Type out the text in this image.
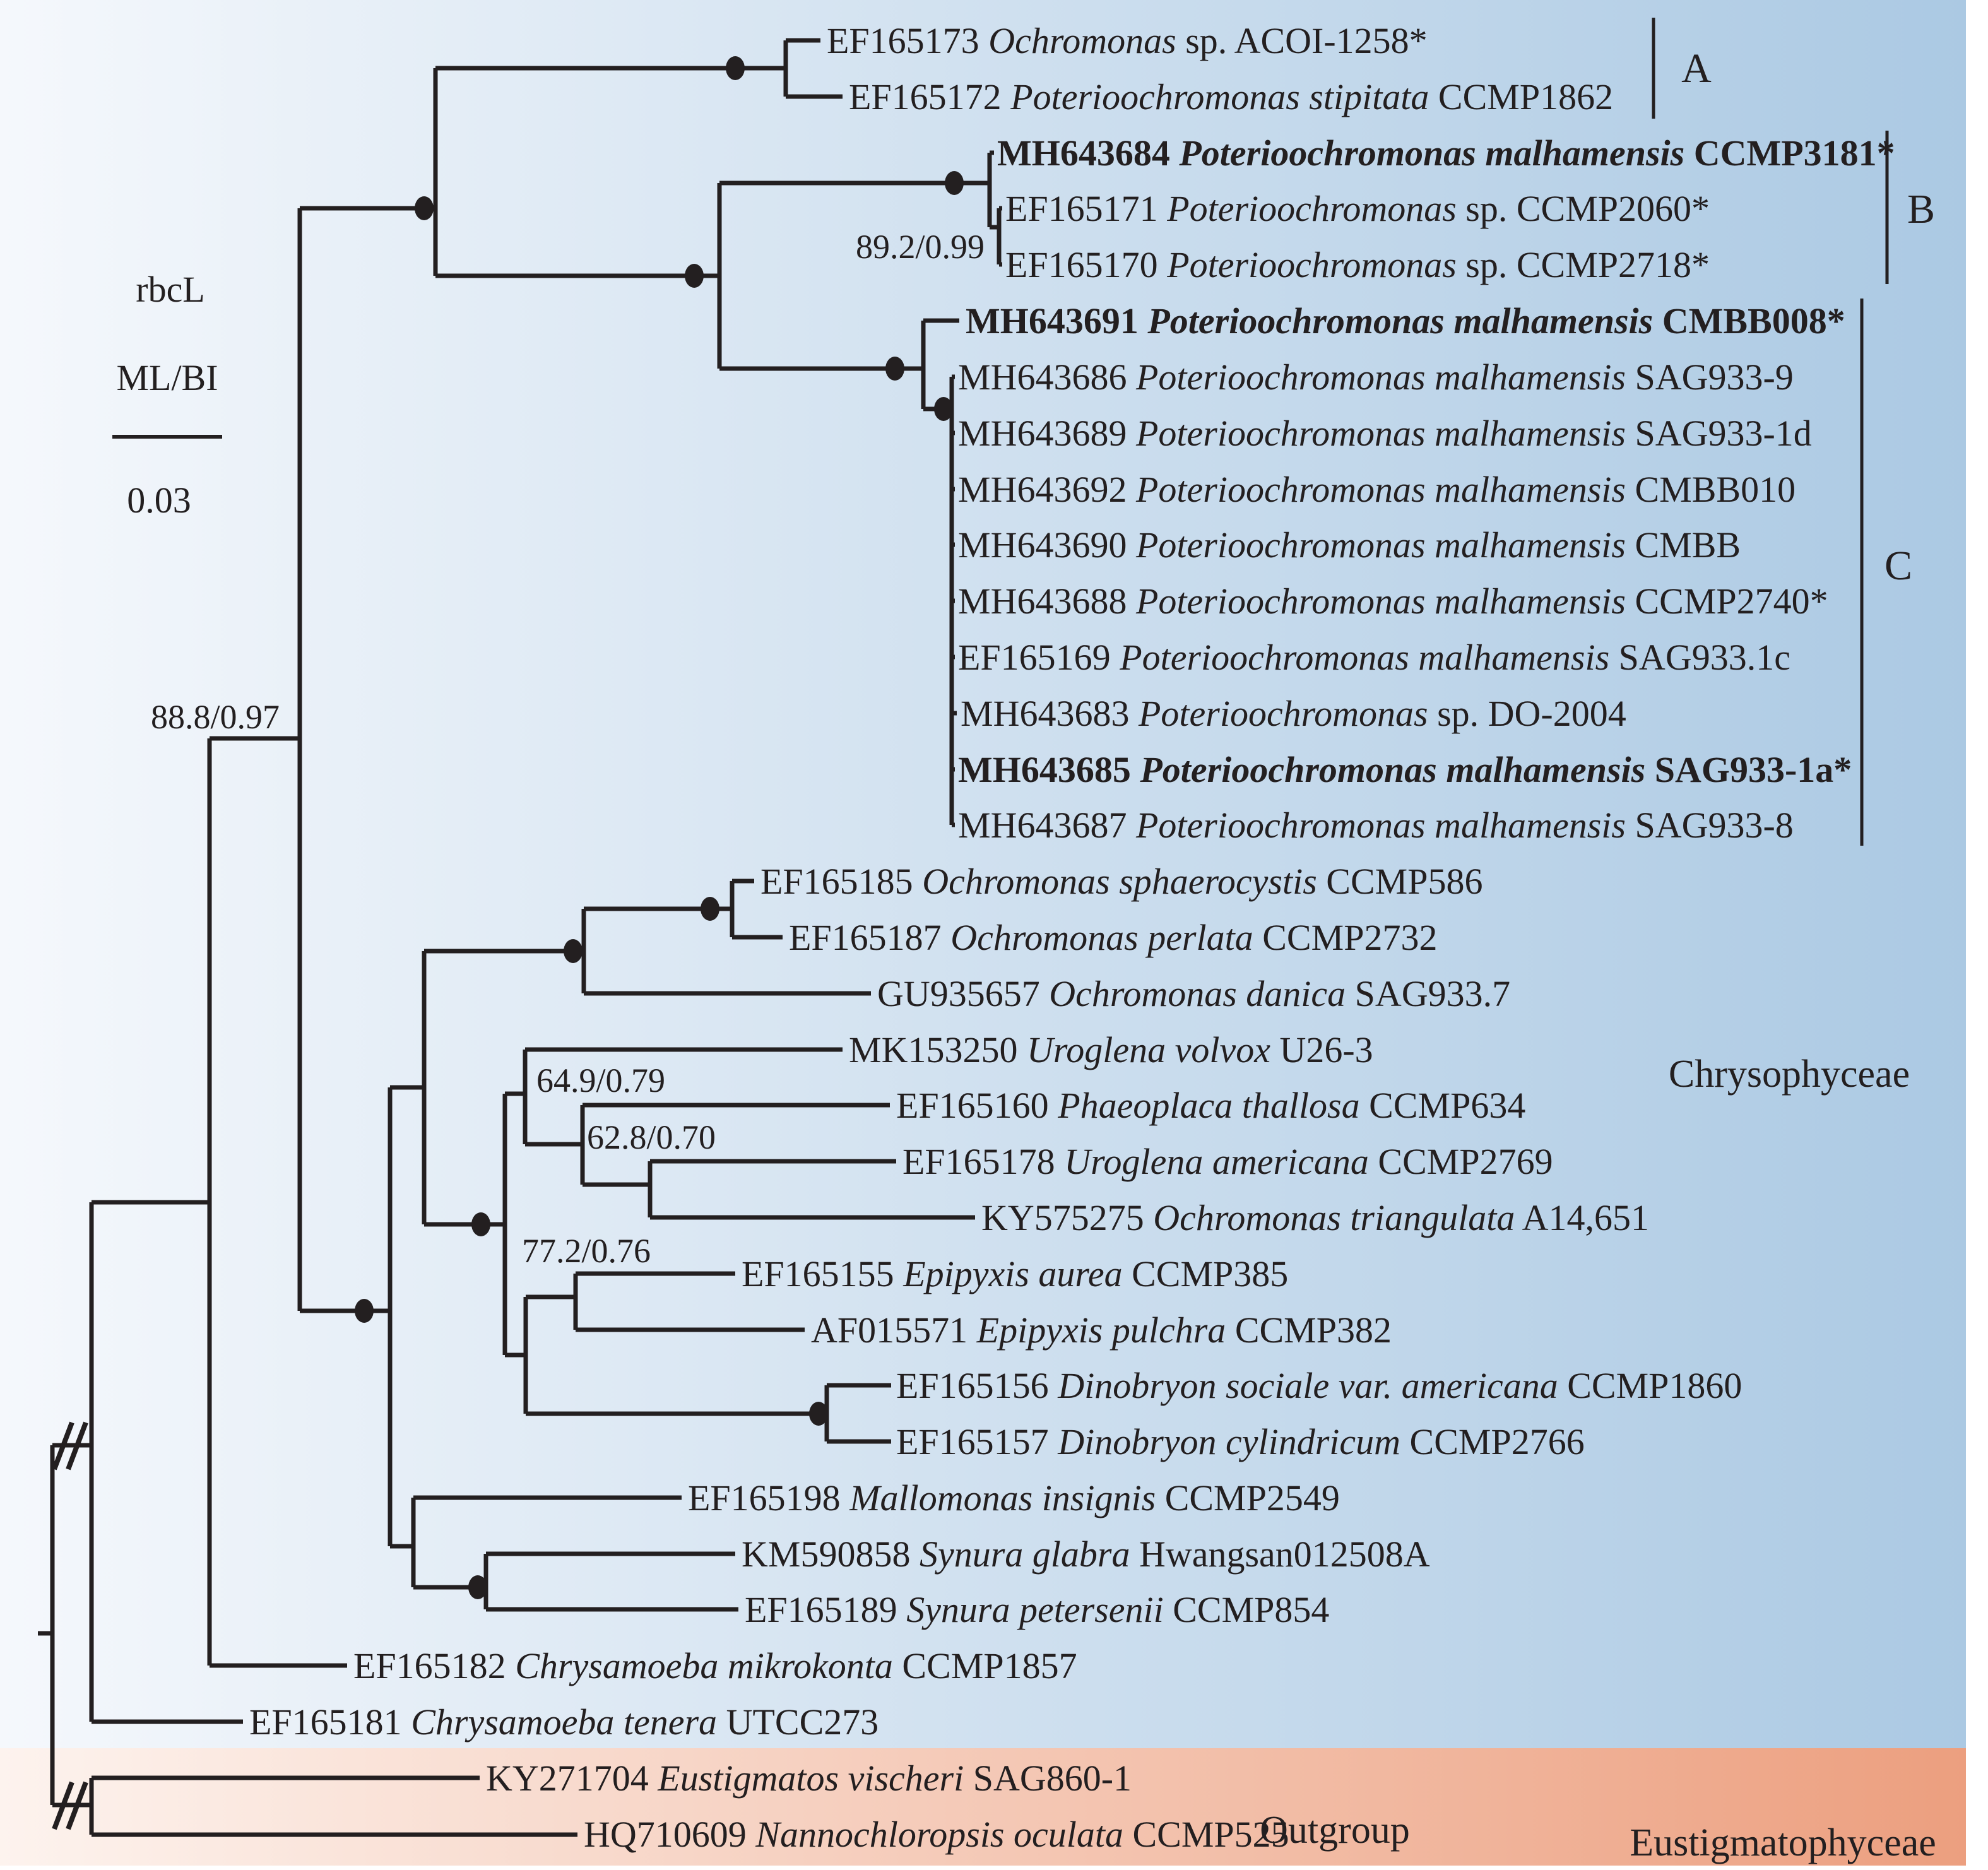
EF165173 Ochromonas sp. ACOI-1258*
EF165172 Poterioochromonas stipitata CCMP1862
MH643684 Poterioochromonas malhamensis CCMP3181*
EF165171 Poterioochromonas sp. CCMP2060*
EF165170 Poterioochromonas sp. CCMP2718*
MH643691 Poterioochromonas malhamensis CMBB008*
MH643686 Poterioochromonas malhamensis SAG933-9
MH643689 Poterioochromonas malhamensis SAG933-1d
MH643692 Poterioochromonas malhamensis CMBB010
MH643690 Poterioochromonas malhamensis CMBB
MH643688 Poterioochromonas malhamensis CCMP2740*
EF165169 Poterioochromonas malhamensis SAG933.1c
MH643683 Poterioochromonas sp. DO-2004
MH643685 Poterioochromonas malhamensis SAG933-1a*
MH643687 Poterioochromonas malhamensis SAG933-8
EF165185 Ochromonas sphaerocystis CCMP586
EF165187 Ochromonas perlata CCMP2732
GU935657 Ochromonas danica SAG933.7
MK153250 Uroglena volvox U26-3
EF165160 Phaeoplaca thallosa CCMP634
EF165178 Uroglena americana CCMP2769
KY575275 Ochromonas triangulata A14,651
EF165155 Epipyxis aurea CCMP385
AF015571 Epipyxis pulchra CCMP382
EF165156 Dinobryon sociale var. americana CCMP1860
EF165157 Dinobryon cylindricum CCMP2766
EF165198 Mallomonas insignis CCMP2549
KM590858 Synura glabra Hwangsan012508A
EF165189 Synura petersenii CCMP854
EF165182 Chrysamoeba mikrokonta CCMP1857
EF165181 Chrysamoeba tenera UTCC273
KY271704 Eustigmatos vischeri SAG860-1
HQ710609 Nannochloropsis oculata CCMP525
89.2/0.99
88.8/0.97
64.9/0.79
62.8/0.70
77.2/0.76
A
B
C
Chrysophyceae
Outgroup	Eustigmatophyceae
rbcL
ML/BI
0.03
